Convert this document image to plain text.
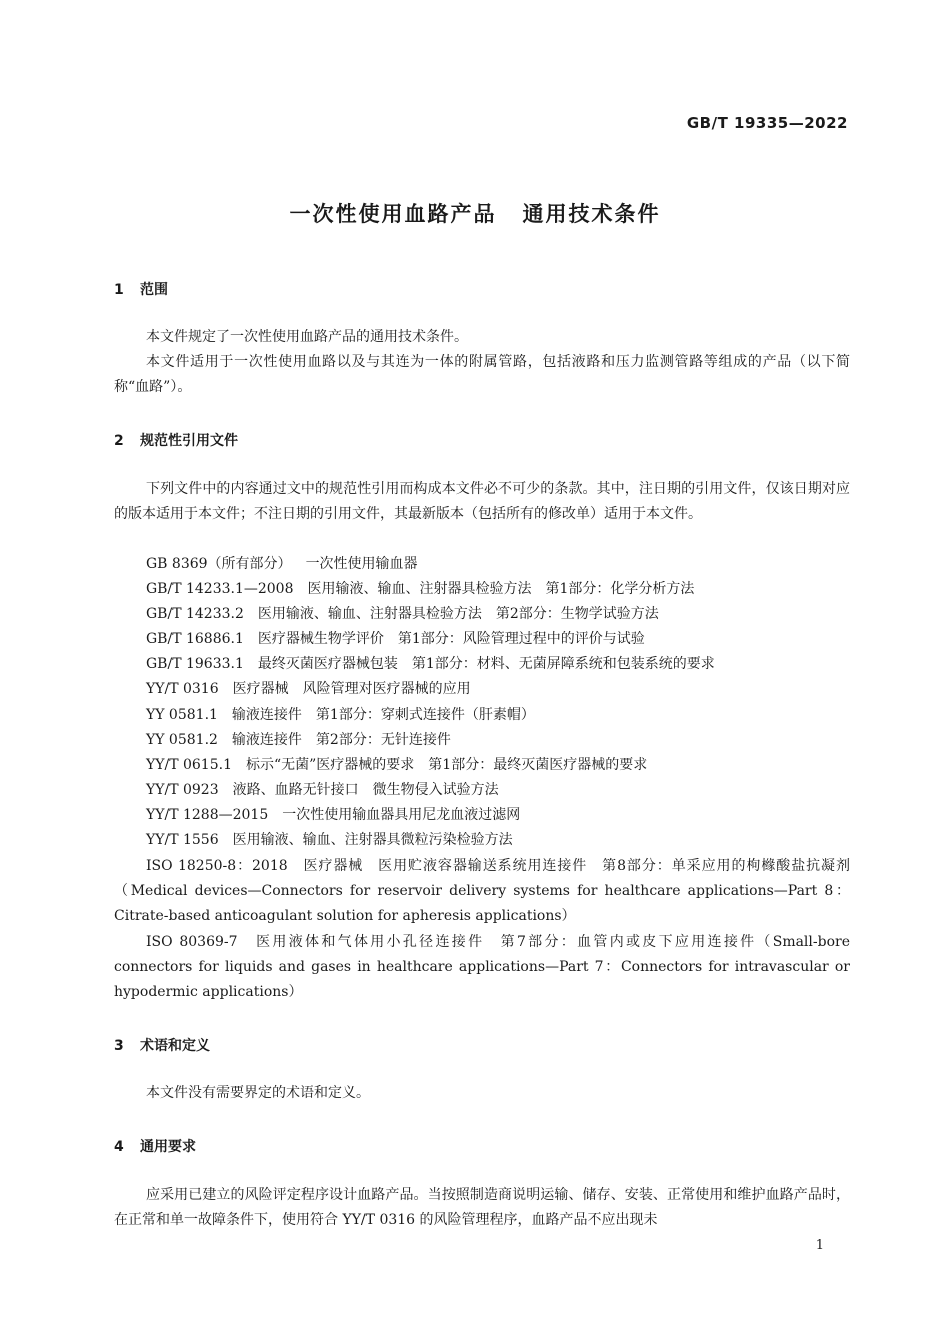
GB/T 19335—2022
一次性使用血路产品 通用技术条件
1 范围
本文件规定了一次性使用血路产品的通用技术条件。
本文件适用于一次性使用血路以及与其连为一体的附属管路，包括液路和压力监测管路等组成的产品（以下简称“血路”）。
2 规范性引用文件
下列文件中的内容通过文中的规范性引用而构成本文件必不可少的条款。其中，注日期的引用文件，仅该日期对应的版本适用于本文件；不注日期的引用文件，其最新版本（包括所有的修改单）适用于本文件。
GB 8369（所有部分） 一次性使用输血器
GB/T 14233.1—2008 医用输液、输血、注射器具检验方法　第1部分：化学分析方法
GB/T 14233.2 医用输液、输血、注射器具检验方法　第2部分：生物学试验方法
GB/T 16886.1 医疗器械生物学评价　第1部分：风险管理过程中的评价与试验
GB/T 19633.1 最终灭菌医疗器械包装　第1部分：材料、无菌屏障系统和包装系统的要求
YY/T 0316 医疗器械　风险管理对医疗器械的应用
YY 0581.1 输液连接件　第1部分：穿刺式连接件（肝素帽）
YY 0581.2 输液连接件　第2部分：无针连接件
YY/T 0615.1 标示“无菌”医疗器械的要求　第1部分：最终灭菌医疗器械的要求
YY/T 0923 液路、血路无针接口　微生物侵入试验方法
YY/T 1288—2015 一次性使用输血器具用尼龙血液过滤网
YY/T 1556 医用输液、输血、注射器具微粒污染检验方法
ISO 18250-8：2018　医疗器械　医用贮液容器输送系统用连接件　第8部分：单采应用的枸橼酸盐抗凝剂（Medical devices—Connectors for reservoir delivery systems for healthcare applications—Part 8：Citrate-based anticoagulant solution for apheresis applications）
ISO 80369-7　医用液体和气体用小孔径连接件　第7部分：血管内或皮下应用连接件（Small-bore connectors for liquids and gases in healthcare applications—Part 7：Connectors for intravascular or hypodermic applications）
3 术语和定义
本文件没有需要界定的术语和定义。
4 通用要求
应采用已建立的风险评定程序设计血路产品。当按照制造商说明运输、储存、安装、正常使用和维护血路产品时，在正常和单一故障条件下，使用符合 YY/T 0316 的风险管理程序，血路产品不应出现未
1
